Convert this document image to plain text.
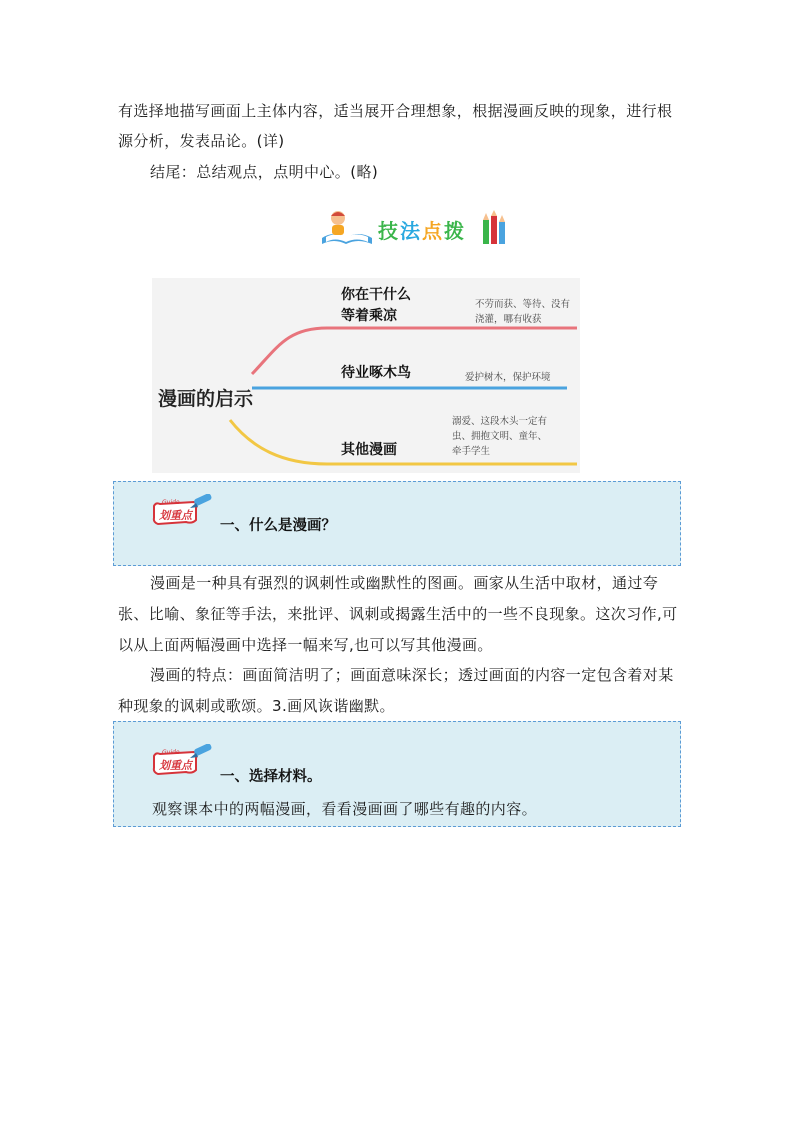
有选择地描写画面上主体内容，适当展开合理想象，根据漫画反映的现象，进行根源分析，发表品论。(详)
结尾：总结观点，点明中心。(略)
技法点拨
漫画的启示
你在干什么
等着乘凉
不劳而获、等待、没有浇灌，哪有收获
待业啄木鸟	爱护树木，保护环境
其他漫画
溺爱、这段木头一定有虫、拥抱文明、童年、牵手学生
Guide
划重点
一、什么是漫画？
漫画是一种具有强烈的讽刺性或幽默性的图画。画家从生活中取材，通过夸张、比喻、象征等手法，来批评、讽刺或揭露生活中的一些不良现象。这次习作,可以从上面两幅漫画中选择一幅来写,也可以写其他漫画。
漫画的特点：画面简洁明了；画面意味深长；透过画面的内容一定包含着对某种现象的讽刺或歌颂。3.画风诙谐幽默。
Guide
划重点
一、选择材料。
观察课本中的两幅漫画，看看漫画画了哪些有趣的内容。
